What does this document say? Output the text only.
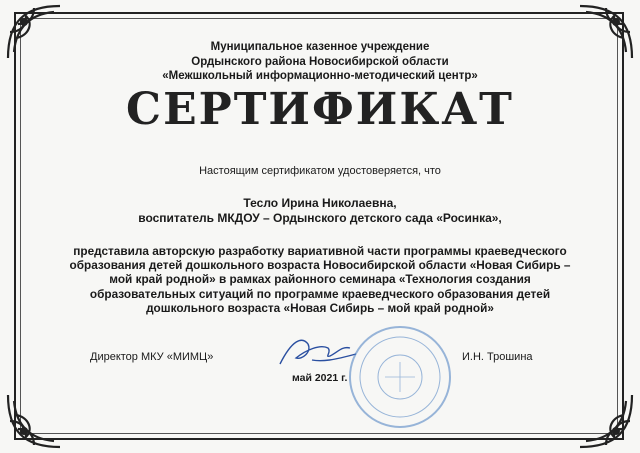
Муниципальное казенное учреждение
Ордынского района Новосибирской области
«Межшкольный информационно-методический центр»
СЕРТИФИКАТ
Настоящим сертификатом удостоверяется, что
Тесло Ирина Николаевна,
воспитатель МКДОУ – Ордынского детского сада «Росинка»,
представила авторскую разработку вариативной части программы краеведческого
образования детей дошкольного возраста Новосибирской области «Новая Сибирь –
мой край родной» в рамках районного семинара «Технология создания
образовательных ситуаций по программе краеведческого образования детей
дошкольного возраста «Новая Сибирь – мой край родной»
Директор МКУ «МИМЦ»	И.Н. Трошина
май 2021 г.
